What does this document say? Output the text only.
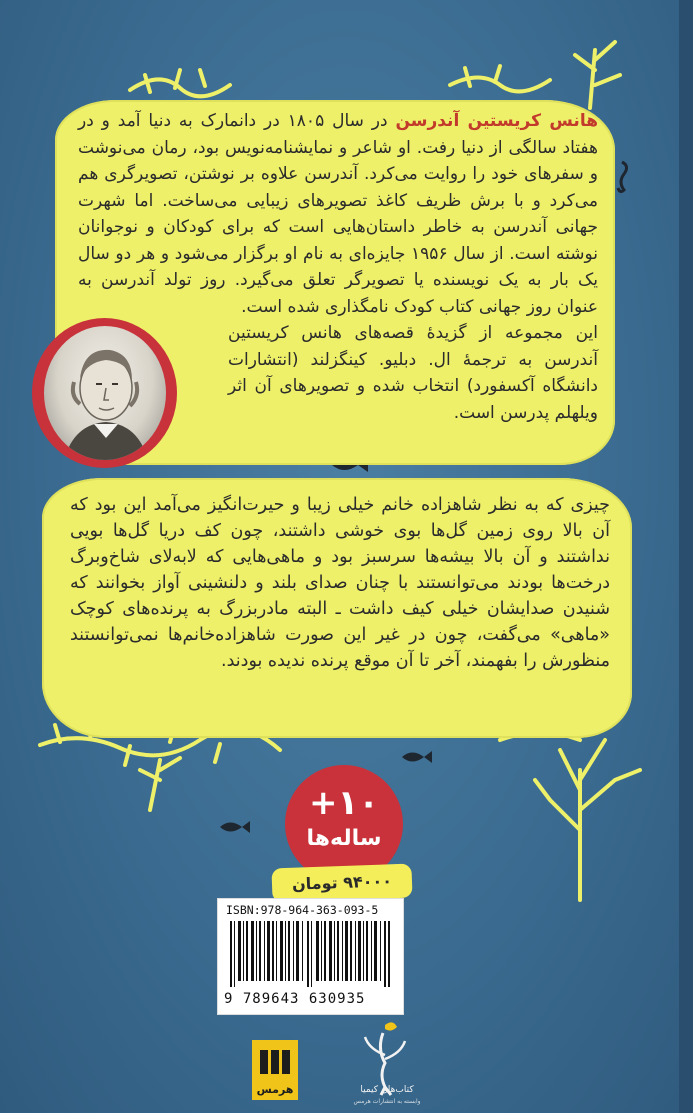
هانس کریستین آندرسن در سال ۱۸۰۵ در دانمارک به دنیا آمد و در هفتاد سالگی از دنیا رفت. او شاعر و نمایشنامه‌نویس بود، رمان می‌نوشت و سفرهای خود را روایت می‌کرد. آندرسن علاوه بر نوشتن، تصویرگری هم می‌کرد و با برش ظریف کاغذ تصویرهای زیبایی می‌ساخت. اما شهرت جهانی آندرسن به خاطر داستان‌هایی است که برای کودکان و نوجوانان نوشته است. از سال ۱۹۵۶ جایزه‌ای به نام او برگزار می‌شود و هر دو سال یک بار به یک نویسنده یا تصویرگر تعلق می‌گیرد. روز تولد آندرسن به عنوان روز جهانی کتاب کودک نامگذاری شده است.
این مجموعه از گزیدهٔ قصه‌های هانس کریستین آندرسن به ترجمهٔ ال. دبلیو. کینگزلند (انتشارات دانشگاه آکسفورد) انتخاب شده و تصویرهای آن اثر ویلهلم پدرسن است.
چیزی که به نظر شاهزاده خانم خیلی زیبا و حیرت‌انگیز می‌آمد این بود که آن بالا روی زمین گل‌ها بوی خوشی داشتند، چون کف دریا گل‌ها بویی نداشتند و آن بالا بیشه‌ها سرسبز بود و ماهی‌هایی که لابه‌لای شاخ‌وبرگ درخت‌ها بودند می‌توانستند با چنان صدای بلند و دلنشینی آواز بخوانند که شنیدن صدایشان خیلی کیف داشت ـ البته مادربزرگ به پرنده‌های کوچک «ماهی» می‌گفت، چون در غیر این صورت شاهزاده‌خانم‌ها نمی‌توانستند منظورش را بفهمند، آخر تا آن موقع پرنده ندیده بودند.
+۱۰
ساله‌ها
۹۴۰۰۰ تومان
ISBN:978-964-363-093-5
9 789643 630935
هرمس	کتاب‌های کیمیا
وابسته به انتشارات هرمس
